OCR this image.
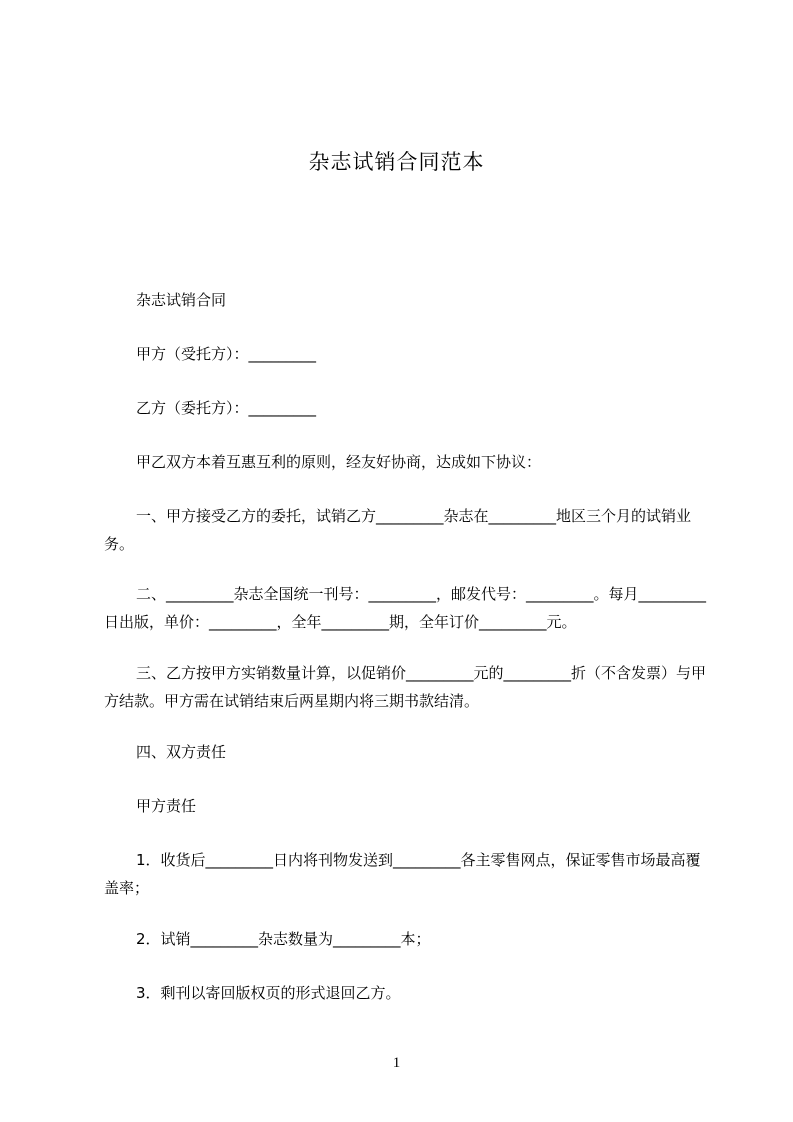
杂志试销合同范本

杂志试销合同

甲方（受托方）：_________

乙方（委托方）：_________

甲乙双方本着互惠互利的原则，经友好协商，达成如下协议：

一、甲方接受乙方的委托，试销乙方_________杂志在_________地区三个月的试销业务。

二、_________杂志全国统一刊号：_________，邮发代号：_________。每月_________日出版，单价：_________，全年_________期，全年订价_________元。

三、乙方按甲方实销数量计算，以促销价_________元的_________折（不含发票）与甲方结款。甲方需在试销结束后两星期内将三期书款结清。

四、双方责任

甲方责任

1．收货后_________日内将刊物发送到_________各主零售网点，保证零售市场最高覆盖率；

2．试销_________杂志数量为_________本；

3．剩刊以寄回版权页的形式退回乙方。

1
